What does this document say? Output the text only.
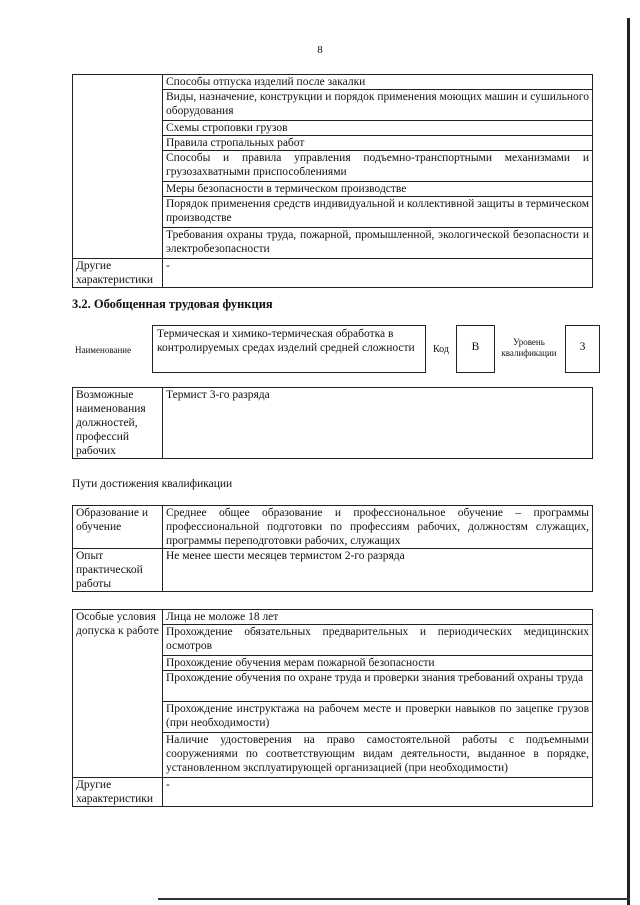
8
	Способы отпуска изделий после закалки
	Виды, назначение, конструкции и порядок применения моющих машин и сушильного оборудования
	Схемы строповки грузов
	Правила стропальных работ
	Способы и правила управления подъемно-транспортными механизмами и грузозахватными приспособлениями
	Меры безопасности в термическом производстве
	Порядок применения средств индивидуальной и коллективной защиты в термическом производстве
	Требования охраны труда, пожарной, промышленной, экологической безопасности и электробезопасности
Другие характеристики	-
3.2. Обобщенная трудовая функция
Наименование
Термическая и химико-термическая обработка в контролируемых средах изделий средней сложности	Код	B	Уровень квалификации	3
Возможные наименования должностей, профессий рабочих	Термист 3-го разряда
Пути достижения квалификации
Образование и обучение	Среднее общее образование и профессиональное обучение – программы профессиональной подготовки по профессиям рабочих, должностям служащих, программы переподготовки рабочих, служащих
Опыт практической работы	Не менее шести месяцев термистом 2-го разряда
Особые условия допуска к работе	Лица не моложе 18 лет
	Прохождение обязательных предварительных и периодических медицинских осмотров
	Прохождение обучения мерам пожарной безопасности
	Прохождение обучения по охране труда и проверки знания требований охраны труда
	Прохождение инструктажа на рабочем месте и проверки навыков по зацепке грузов (при необходимости)
	Наличие удостоверения на право самостоятельной работы с подъемными сооружениями по соответствующим видам деятельности, выданное в порядке, установленном эксплуатирующей организацией (при необходимости)
Другие характеристики	-
